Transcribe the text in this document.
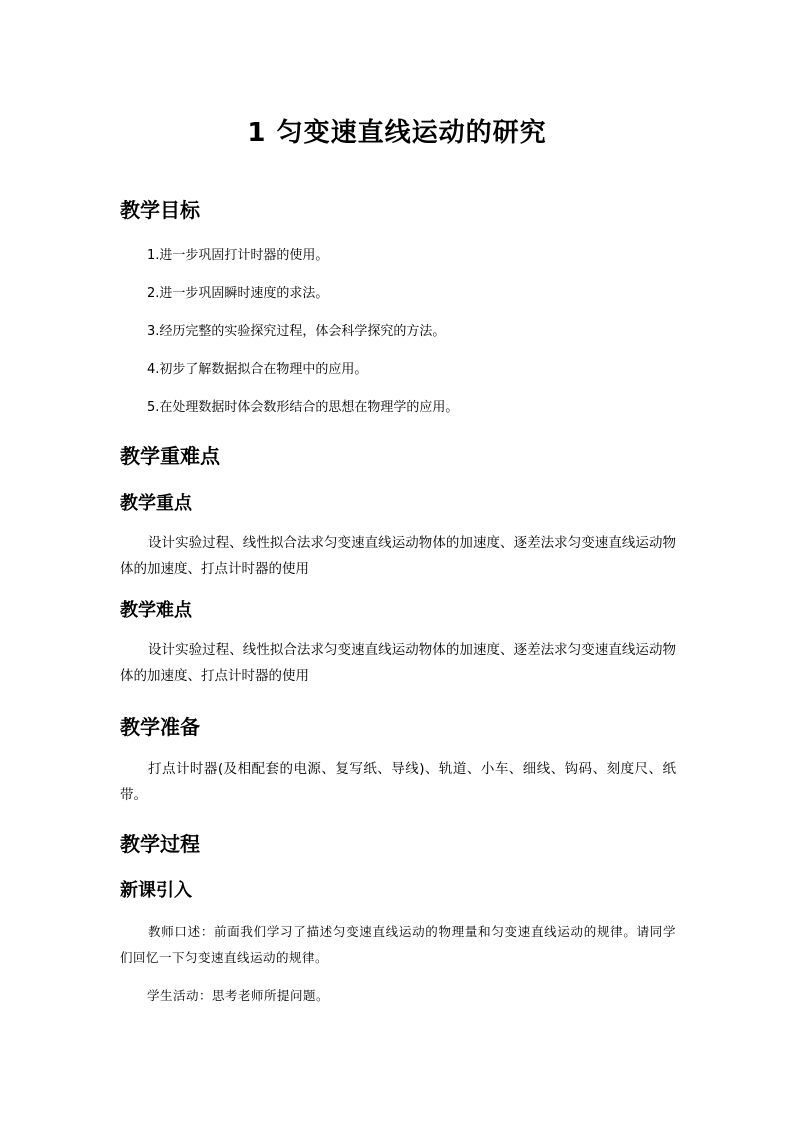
1 匀变速直线运动的研究
教学目标
1.进一步巩固打计时器的使用。
2.进一步巩固瞬时速度的求法。
3.经历完整的实验探究过程，体会科学探究的方法。
4.初步了解数据拟合在物理中的应用。
5.在处理数据时体会数形结合的思想在物理学的应用。
教学重难点
教学重点
设计实验过程、线性拟合法求匀变速直线运动物体的加速度、逐差法求匀变速直线运动物体的加速度、打点计时器的使用
教学难点
设计实验过程、线性拟合法求匀变速直线运动物体的加速度、逐差法求匀变速直线运动物体的加速度、打点计时器的使用
教学准备
打点计时器(及相配套的电源、复写纸、导线)、轨道、小车、细线、钩码、刻度尺、纸带。
教学过程
新课引入
教师口述：前面我们学习了描述匀变速直线运动的物理量和匀变速直线运动的规律。请同学们回忆一下匀变速直线运动的规律。
学生活动：思考老师所提问题。
